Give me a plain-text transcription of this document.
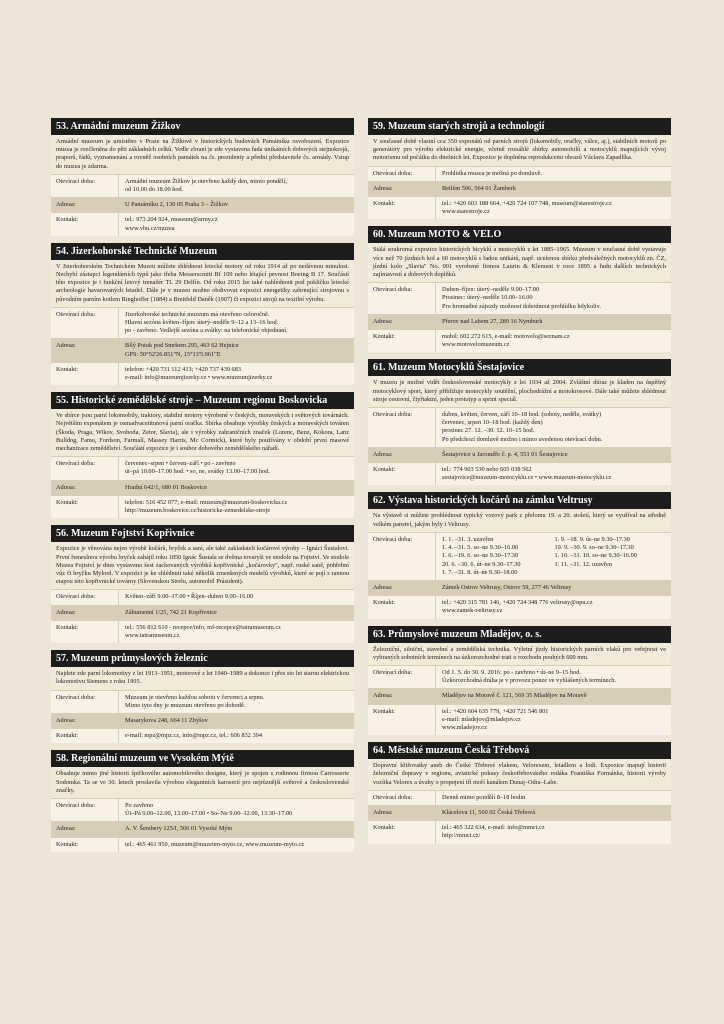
53. Armádní muzeum Žižkov
Armádní muzeum je umístěno v Praze na Žižkově v historických budovách Památníku osvobození. Expozice muzea je rozčleněna do pěti základních celků. Vedle zbraní je zde vystavena řada unikátních dobových stejnokrojů, praporů, řádů, vyznamenání a rovněž osobních památek na čs. prezidenty a přední představitele čs. armády. Vstup do muzea je zdarma.
Otevírací doba:	Armádní muzeum Žižkov je otevřeno každý den, mimo pondělí,
od 10.00 do 18.00 hod.
Adresa:	U Památníku 2, 130 05 Praha 3 – Žižkov
Kontakt:	tel.: 973 204 924, museum@army.cz
www.vhu.cz/muzea
54. Jizerkohorské Technické Muzeum
V Jizerkohorském Technickém Muzeu můžete shlédnout letecké motory od roku 1914 až po nedávnou minulost. Nechybí zástupci legendárních typů jako třeba Messerscmitt Bf 109 nebo létající pevnost Boeing B 17. Součástí této expozice je i funkční letový trenažér TL 29 Delfín. Od roku 2015 lze také nahlédnout pod pokličku letecké archeologie havarovaných letadel. Dále je v muzeu možno obdivovat expozici energetiky zahrnující strojovnu s původním parním kotlem Ringhoffer (1884) a Breitfeld Daněk (1907) či expozici strojů na textilní výrobu.
Otevírací doba:	Jizerkohorské technické muzeum má otevřeno celoročně.
Hlavní sezóna květen–říjen: úterý–neděle 9–12 a 13–16 hod.
po - zavřeno. Vedlejší sezóna a svátky: na telefonické objednání.
Adresa:	Bílý Potok pod Smrkem 295, 463 62 Hejnice
GPS: 50°52'26.851"N, 15°13'5.961"E
Kontakt:	telefon: +420 731 112 413; +420 737 439 683
e-mail: info@muzeumjizerky.cz • www.muzeumjizerky.cz
55. Historické zemědělské stroje – Muzeum regionu Boskovicka
Ve sbírce jsou parní lokomobily, traktory, stabilní motory výrobené v českých, moravských i světových továrnách. Největším exponátem je osmadvacetitunová parní oračka. Sbírka obsahuje výrobky českých a moravských továren (Škoda, Praga, Wikov, Svoboda, Zetor, Slavia), ale i výrobky zahraničních značek (Lorenc, Benz, Kokora, Lanz Bulldog, Famo, Fordson, Farmall, Massey Harris, Mc Cormick), které byly používány v období první masové mechanizace zemědělství. Součástí expozice je i soubor dobového zemědělského nářadí.
Otevírací doba:	červenec–srpen • červen–září • po - zavřeno
út–pá 10.00–17.00 hod. • so, ne, svátky 13.00–17.00 hod.
Adresa:	Hradní 642/1, 680 01 Boskovice
Kontakt:	telefon: 516 452 077; e-mail: muzeum@muzeum-boskovicka.cz
http://muzeum.boskovice.cz/historicke-zemedelske-stroje
56. Muzeum Fojtství Kopřivnice
Expozice je věnována nejen výrobě kočárů, bryček a saní, ale také zakladateli kočárové výroby – Ignáci Šustalovi. První řemeslnou výrobu bryček zahájil roku 1850 Ignác Šustala se dvěma tovaryši ve stodole na Fojtství. Ve stodole Muzea Fojtství je dnes vystaveno šest zachovaných výrobků kopřivnické „kočárovky", např. ruské saně, pohřební vůz či bryčku Mylord. V expozici je ke shlédnutí také několik zmenšených modelů výrobků, které se pojí s rannou etapou této kopřivnické továrny (Slovenskou Strelu, automobil Prásident).
Otevírací doba:	Květen–září 9.00–17.00 • Říjen–duben 9.00–16.00
Adresa:	Záhumenní 1/25, 742 21 Kopřivnice
Kontakt:	tel.: 556 812 610 - recepce/info, mf-recepce@tatramuseum.cz
www.tatramuseum.cz
57. Muzeum průmyslových železnic
Najdete zde parní lokomotivy z let 1913–1951, motorové z let 1940–1989 a dokonce i přes sto let starou elektrickou lokomotivu Siemens z roku 1905.
Otevírací doba:	Muzeum je otevřeno každou sobotu v červenci a srpnu.
Mimo tyto dny je muzeum otevřeno po dohodě.
Adresa:	Masarykova 248, 664 11 Zbýšov
Kontakt:	e-mail: mpz@mpz.cz, info@mpz.cz, tel.: 606 832 394
58. Regionální muzeum ve Vysokém Mýtě
Obsahuje mimo jiné historii špičkového automobilového designu, který je spojen s rodinnou firmou Carrosserie Sodomka. Ta se ve 30. letech proslavila výrobou elegantních karoserií pro nejrůznější světové a československé značky.
Otevírací doba:	Po zavřeno
Út–Pá 9.00–12.00, 13.00–17.00 • So–Ne 9.00–12.00, 13.30–17.00
Adresa:	A. V. Šembery 125/I, 566 01 Vysoké Mýto
Kontakt:	tel.: 465 461 950, muzeum@muzeum-myto.cz, www.muzeum-myto.cz
59. Muzeum starých strojů a technologií
V současné době vlastní cca 350 exponátů od parních strojů (lokomobily, oračky, válce, aj.), stabilních motorů po generátory pro výrobu elektrické energie, včetně rozsáhlé sbírky automobilů a motocyklů mapujících vývoj motorismu od počátku do dnešních let. Expozice je doplněna reprodukcemi obrazů Václava Zapadlíka.
Otevírací doba:	Prohlídka muzea je možná po domluvě.
Adresa:	Betlém 506, 564 01 Žamberk
Kontakt:	tel.: +420 603 188 664, +420 724 107 748, museum@starestroje.cz
www.starestroje.cz
60. Muzeum MOTO & VELO
Stálá soukromá expozice historických bicyklů a motocyklů z let 1885–1965. Muzeum v současné době vystavuje více než 70 jízdních kol a 60 motocyklů s řadou unikátů, např. ucelenou sbírku předválečných motocyklů zn. ČZ, jízdní kolo „Slavia" No. 001 vyrobené firmou Laurin & Klement v roce 1895 a řadu dalších technických zajímavostí a dobových doplňků.
Otevírací doba:	Duben–říjen: úterý–neděle 9.00–17.00
Prosinec: úterý–neděle 10.00–16.00
Pro hromadné zájezdy možnost dohodnout prohlídku kdykoliv.
Adresa:	Přerov nad Labem 27, 289 16 Nymburk
Kontakt:	mobil: 602 272 615, e-mail: motovelo@seznam.cz
www.motovelomuzeum.cz
61. Muzeum Motocyklů Šestajovice
V muzeu je možné vidět československé motocykly z let 1934 až 2004. Zvláštní důraz je kladen na úspěšný motocyklový sport, který přibližuje motocykly soutěžní, plochodrážní a motokrosové. Dále také můžete shlédnout stroje cestovní, čtyřtaktní, jeden prototyp a sprint speciál.
Otevírací doba:	duben, květen, červen, září 10–18 hod. (soboty, neděle, svátky)
červenec, srpen 10–18 hod. (každý den)
prosinec 27. 12. –30. 12. 10–15 hod.
Po předchozí domluvě možno i mimo uvedenou otevírací dobu.
Adresa:	Šestajovice u Jaroměře č. p. 4, 551 01 Šestajovice
Kontakt:	tel.: 774 903 530 nebo 605 038 562
sestajovice@muzeum-motocyklu.cz • www.muzeum-motocyklu.cz
62. Výstava historických kočárů na zámku Veltrusy
Na výstavě si můžete prohlédnout typický vozový park z přelomu 19. a 20. století, který se využíval na středně velkém panství, jakým byly i Veltrusy.
Otevírací doba:	1. 1. –31. 3. uzavřen
1. 4. –31. 5. so–ne 9.30–16.00
1. 6. –19. 6. so–ne 9.30–17.30
20. 6. –30. 6. út–ne 9.30–17.30
1. 7. –31. 8. út–ne 9.30–18.00
1. 9. –18. 9. út–ne 9.30–17.30
19. 9. –30. 9. so–ne 9.30–17.30
1. 10. –31. 10. so–ne 9.30–16.00
1. 11. –31. 12. uzavřen
Adresa:	Zámek Ostrov Veltrusy, Ostrov 59, 277 46 Veltrusy
Kontakt:	tel.: +420 315 781 146, +420 724 348 776 veltrusy@npu.cz
www.zamek-veltrusy.cz
63. Průmyslové muzeum Mladějov, o. s.
Železniční, silniční, stavební a zemědělská technika. Výletní jízdy historických parních vlaků pro veřejnost ve vybraných sobotních termínech na úzkorozchodné trati o rozchodu pouhých 600 mm.
Otevírací doba:	Od 1. 5. do 30. 9. 2016: po - zavřeno • út–ne 9–15 hod.
Úzkorozchodná dráha je v provozu pouze ve vyhlášených termínech.
Adresa:	Mladějov na Moravě č. 121, 569 35 Mladějov na Moravě
Kontakt:	tel.: +420 604 635 779, +420 721 546 801
e-mail: mladejov@mladejov.cz
www.mladejov.cz
64. Městské muzeum Česká Třebová
Dopravní křižovatky aneb do České Třebové vlakem, Velorexem, letadlem a lodí. Expozice mapují historii železniční dopravy v regionu, aviatické pokusy českotřebovského rodáka Františka Formánka, historii výroby vozítka Velorex a úvahy o propojení tří moří kanálem Dunaj–Odra–Labe.
Otevírací doba:	Denně mimo pondělí 8–18 hodin
Adresa:	Klácelova 11, 560 02 Česká Třebová
Kontakt:	tel.: 465 322 634, e-mail: info@mmct.cz
http://mmct.cz/
